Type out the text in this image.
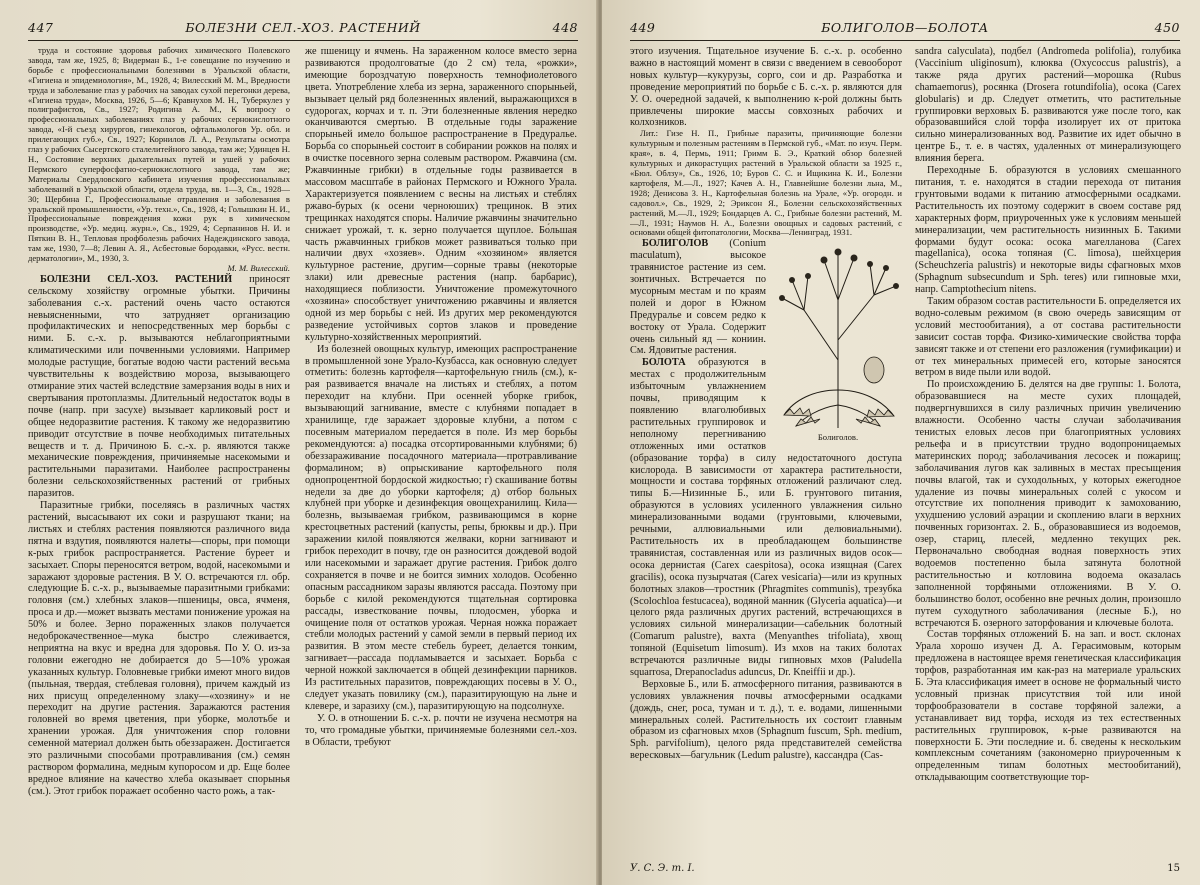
447	БОЛЕЗНИ СЕЛ.-ХОЗ. РАСТЕНИЙ	448

труда и состояние здоровья рабочих химического Полевского завода, там же, 1925, 8; Видерман Б., 1-е совещание по изучению и борьбе с профессиональными болезнями в Уральской области, «Гигиена и эпидемиология», М., 1928, 4; Вилесский М. М., Вредности труда и заболевание глаз у рабочих на заводах сухой перегонки дерева, «Гигиена труда», Москва, 1926, 5—6; Кравнухов М. Н., Туберкулез у полиграфистов, Св., 1927; Родигина А. М., К вопросу о профессиональных заболеваниях глаз у рабочих сернокислотного завода, «I-й съезд хирургов, гинекологов, офтальмологов Ур. обл. и прилегающих губ.», Св., 1927; Корнилов Л. А., Результаты осмотра глаз у рабочих Сысертского сталелитейного завода, там же; Удинцев Н. Н., Состояние верхних дыхательных путей и ушей у рабочих Пермского суперфосфатно-сернокислотного завода, там же; Материалы Свердловского кабинета изучения профессиональных заболеваний в Уральской области, отдела труда, вв. 1—3, Св., 1928—30; Щербина Г., Профессиональные отравления и заболевания в уральской промышленности, «Ур. техн.», Св., 1928, 4; Голышкин Н. И., Профессиональные повреждения кожи рук в химическом производстве, «Ур. медиц. журн.», Св., 1929, 4; Серпанинов Н. И. и Пяткин В. Н., Тепловая профболезнь рабочих Надеждинского завода, там же, 1930, 7—8; Левин А. Я., Асбестовые бородавки, «Русс. вестн. дерматологии», М., 1930, 3.

М. М. Вилесский.

БОЛЕЗНИ СЕЛ.-ХОЗ. РАСТЕНИЙ приносят сельскому хозяйству огромные убытки. Причины заболевания с.-х. растений очень часто остаются невыясненными, что затрудняет организацию профилактических и непосредственных мер борьбы с ними. Б. с.-х. р. вызываются неблагоприятными климатическими или почвенными условиями. Например молодые растущие, богатые водою части растений весьма чувствительны к воздействию мороза, вызывающего отмирание этих частей вследствие замерзания воды в них и свертывания протоплазмы. Длительный недостаток воды в почве (напр. при засухе) вызывает карликовый рост и общее недоразвитие растения. К такому же недоразвитию приводит отсутствие в почве необходимых питательных веществ и т. д. Причиною Б. с.-х. р. являются также механические повреждения, причиняемые насекомыми и растительными паразитами. Наиболее распространены болезни сельскохозяйственных растений от грибных паразитов.

Паразитные грибки, поселяясь в различных частях растений, высасывают их соки и разрушают ткани; на листьях и стеблях растения появляются различного вида пятна и вздутия, появляются налеты—споры, при помощи к-рых грибок распространяется. Растение буреет и засыхает. Споры переносятся ветром, водой, насекомыми и заражают здоровые растения. В У. О. встречаются гл. обр. следующие Б. с.-х. р., вызываемые паразитными грибками: головня (см.) хлебных злаков—пшеницы, овса, ячменя, проса и др.—может вызвать местами понижение урожая на 50% и более. Зерно пораженных злаков получается недоброкачественное—мука быстро слеживается, неприятна на вкус и вредна для здоровья. По У. О. из-за головни ежегодно не добирается до 5—10% урожая указанных культур. Головневые грибки имеют много видов (пыльная, твердая, стеблевая головня), причем каждый из них присущ определенному злаку—«хозяину» и не переходит на другие растения. Заражаются растения головней во время цветения, при уборке, молотьбе и хранении урожая. Для уничтожения спор головни семенной материал должен быть обеззаражен. Достигается это различными способами протравливания (см.) семян раствором формалина, медным купоросом и др. Еще более вредное влияние на качество хлеба оказывает спорынья (см.). Этот грибок поражает особенно часто рожь, а так-

же пшеницу и ячмень. На зараженном колосе вместо зерна развиваются продолговатые (до 2 см) тела, «рожки», имеющие бороздчатую поверхность темнофиолетового цвета. Употребление хлеба из зерна, зараженного спорыньей, вызывает целый ряд болезненных явлений, выражающихся в судорогах, корчах и т. п. Эти болезненные явления нередко оканчиваются смертью. В отдельные годы заражение спорыньей имело большое распространение в Предуралье. Борьба со спорыньей состоит в собирании рожков на полях и в очистке посевного зерна солевым раствором. Ржавчина (см. Ржавчинные грибки) в отдельные годы развивается в массовом масштабе в районах Пермского и Южного Урала. Характеризуется появлением с весны на листьях и стеблях ржаво-бурых (к осени черноюших) трещинок. В этих трещинках находятся споры. Наличие ржавчины значительно снижает урожай, т. к. зерно получается щуплое. Бо́льшая часть ржавчинных грибков может развиваться только при наличии двух «хозяев». Одним «хозяином» является культурное растение, другим—сорные травы (некоторые злаки) или древесные растения (напр. барбарис), находящиеся поблизости. Уничтожение промежуточного «хозяина» способствует уничтожению ржавчины и является одной из мер борьбы с ней. Из других мер рекомендуются разведение устойчивых сортов злаков и проведение культурно-хозяйственных мероприятий.

Из болезней овощных культур, имеющих распространение в промышленной зоне Урало-Кузбасса, как основную следует отметить: болезнь картофеля—картофельную гниль (см.), к-рая развивается вначале на листьях и стеблях, а потом переходит на клубни. При осенней уборке грибок, вызывающий загнивание, вместе с клубнями попадает в хранилище, где заражает здоровые клубни, а потом с посевным материалом передается в поле. Из мер борьбы рекомендуются: а) посадка отсортированными клубнями; б) обеззараживание посадочного материала—протравливание формалином; в) опрыскивание картофельного поля однопроцентной бордоской жидкостью; г) скашивание ботвы недели за две до уборки картофеля; д) отбор больных клубней при уборке и дезинфекция овощехранилищ. Кила—болезнь, вызываемая грибком, развивающимся в корне крестоцветных растений (капусты, репы, брюквы и др.). При заражении килой появляются желваки, корни загнивают и грибок переходит в почву, где он разносится дождевой водой или насекомыми и заражает другие растения. Грибок долго сохраняется в почве и не боится зимних холодов. Особенно опасным рассадником заразы являются рассада. Поэтому при борьбе с килой рекомендуются тщательная сортировка рассады, известкование почвы, плодосмен, уборка и очищение поля от остатков урожая. Черная ножка поражает стебли молодых растений у самой земли в первый период их развития. В этом месте стебель буреет, делается тонким, загнивает—рассада подламывается и засыхает. Борьба с черной ножкой заключается в общей дезинфекции парников. Из растительных паразитов, повреждающих посевы в У. О., следует указать повилику (см.), паразитирующую на льне и клевере, и заразиху (см.), паразитирующую на подсолнухе.

У. О. в отношении Б. с.-х. р. почти не изучена несмотря на то, что громадные убытки, причиняемые болезнями сел.-хоз. в Области, требуют

449	БОЛИГОЛОВ—БОЛОТА	450

этого изучения. Тщательное изучение Б. с.-х. р. особенно важно в настоящий момент в связи с введением в севооборот новых культур—кукурузы, сорго, сои и др. Разработка и проведение мероприятий по борьбе с Б. с.-х. р. являются для У. О. очередной задачей, к выполнению к-рой должны быть привлечены широкие массы совхозных рабочих и колхозников.

Лит.: Гизе Н. П., Грибные паразиты, причиняющие болезни культурным и полезным растениям в Пермской губ., «Мат. по изуч. Перм. края», в. 4, Пермь, 1911; Гримм Б. Э., Краткий обзор болезней культурных и дикорастущих растений в Уральской области за 1925 г., «Бюл. Облзу», Св., 1926, 10; Буров С. С. и Ищикина К. И., Болезни картофеля, М.—Л., 1927; Качев А. Н., Главнейшие болезни льна, М., 1928; Денисова З. Н., Картофельная болезнь на Урале, «Ур. огородн. и садовол.», Св., 1929, 2; Эриксон Я., Болезни сельскохозяйственных растений, М.—Л., 1929; Бондарцев А. С., Грибные болезни растений, М.—Л., 1931; Наумов Н. А., Болезни овощных и садовых растений, с основами общей фитопатологии, Москва—Ленинград, 1931.

Болиголов.

БОЛИГОЛОВ (Conium maculatum), высокое травянистое растение из сем. зонтичных. Встречается по мусорным местам и по краям полей и дорог в Южном Предуралье и совсем редко к востоку от Урала. Содержит очень сильный яд — кониин. См. Ядовитые растения.

БОЛОТА образуются в местах с продолжительным избыточным увлажнением почвы, приводящим к появлению влаголюбивых растительных группировок и неполному перегниванию отложенных ими остатков (образование торфа) в силу недостаточного доступа кислорода. В зависимости от характера растительности, мощности и состава торфяных отложений различают след. типы Б.—Низинные Б., или Б. грунтового питания, образуются в условиях усиленного увлажнения сильно минерализованными водами (грунтовыми, ключевыми, речными, аллювиальными или делювиальными). Растительность их в преобладающем большинстве травянистая, составленная или из различных видов осок—осока дернистая (Carex caespitosa), осока изящная (Carex gracilis), осока пузырчатая (Carex vesicaria)—или из крупных болотных злаков—тростник (Phragmites communis), трезубка (Scolochloa festucacea), водяной манник (Glyceria aquatica)—и целого ряда различных других растений, встречающихся в условиях сильной минерализации—сабельник болотный (Comarum palustre), вахта (Menyanthes trifoliata), хвощ топяной (Equisetum limosum). Из мхов на таких болотах встречаются различные виды гипновых мхов (Paludella squarrosa, Drepanocladus aduncus, Dr. Kneiffii и др.).

Верховые Б., или Б. атмосферного питания, развиваются в условиях увлажнения почвы атмосферными осадками (дождь, снег, роса, туман и т. д.), т. е. водами, лишенными минеральных солей. Растительность их состоит главным образом из сфагновых мхов (Sphagnum fuscum, Sph. medium, Sph. parvifolium), целого ряда представителей семейства вересковых—багульник (Ledum palustre), кассандра (Cas-

sandra calyculata), подбел (Andromeda polifolia), голубика (Vaccinium uliginosum), клюква (Oxycoccus palustris), а также ряда других растений—морошка (Rubus chamaemorus), росянка (Drosera rotundifolia), осока (Carex globularis) и др. Следует отметить, что растительные группировки верховых Б. развиваются уже после того, как образовавшийся слой торфа изолирует их от притока сильно минерализованных вод. Развитие их идет обычно в центре Б., т. е. в частях, удаленных от минерализующего влияния берега.

Переходные Б. образуются в условиях смешанного питания, т. е. находятся в стадии перехода от питания грунтовыми водами к питанию атмосферными осадками. Растительность их поэтому содержит в своем составе ряд характерных форм, приуроченных уже к условиям меньшей минерализации, чем растительность низинных Б. Такими формами будут осока: осока магелланова (Carex magellanica), осока топяная (C. limosa), шейхцерия (Scheuchzeria palustris) и некоторые виды сфагновых мхов (Sphagnum subsecundum и Sph. teres) или гипновые мхи, напр. Camptothecium nitens.

Таким образом состав растительности Б. определяется их водно-солевым режимом (в свою очередь зависящим от условий местообитания), а от состава растительности зависит состав торфа. Физико-химические свойства торфа зависят также и от степени его разложения (гумификации) и от тех минеральных примесей его, которые заносятся ветром в виде пыли или водой.

По происхождению Б. делятся на две группы: 1. Болота, образовавшиеся на месте сухих площадей, подвергнувшихся в силу различных причин увеличению влажности. Особенно часты случаи заболачивания тенистых еловых лесов при благоприятных условиях рельефа и в присутствии трудно водопроницаемых материнских пород; заболачивания лесосек и пожарищ; заболачивания лугов как заливных в местах пресыщения почвы влагой, так и суходольных, у которых ежегодное удаление из почвы минеральных солей с укосом и отсутствие их пополнения приводит к замохованию, ухудшению условий аэрации и скоплению влаги в верхних почвенных горизонтах. 2. Б., образовавшиеся из водоемов, озер, стариц, плесей, медленно текущих рек. Первоначально свободная водная поверхность этих водоемов постепенно была затянута болотной растительностью и котловина водоема оказалась заполненной торфяными отложениями. В У. О. большинство болот, особенно вне речных долин, произошло путем суходутного заболачивания (лесные Б.), но встречаются Б. озерного заторфования и ключевые болота.

Состав торфяных отложений Б. на зап. и вост. склонах Урала хорошо изучен Д. А. Герасимовым, которым предложена в настоящее время генетическая классификация торфов, разработанная им как-раз на материале уральских Б. Эта классификация имеет в основе не формальный чисто условный признак присутствия той или иной торфообразователи в составе торфяной залежи, а устанавливает вид торфа, исходя из тех естественных растительных группировок, к-рые развиваются на поверхности Б. Эти последние и. б. сведены к нескольким комплексным сочетаниям (закономерно приуроченным к определенным типам болотных местообитаний), откладывающим соответствующие тор-

У. С. Э. т. I.	15
